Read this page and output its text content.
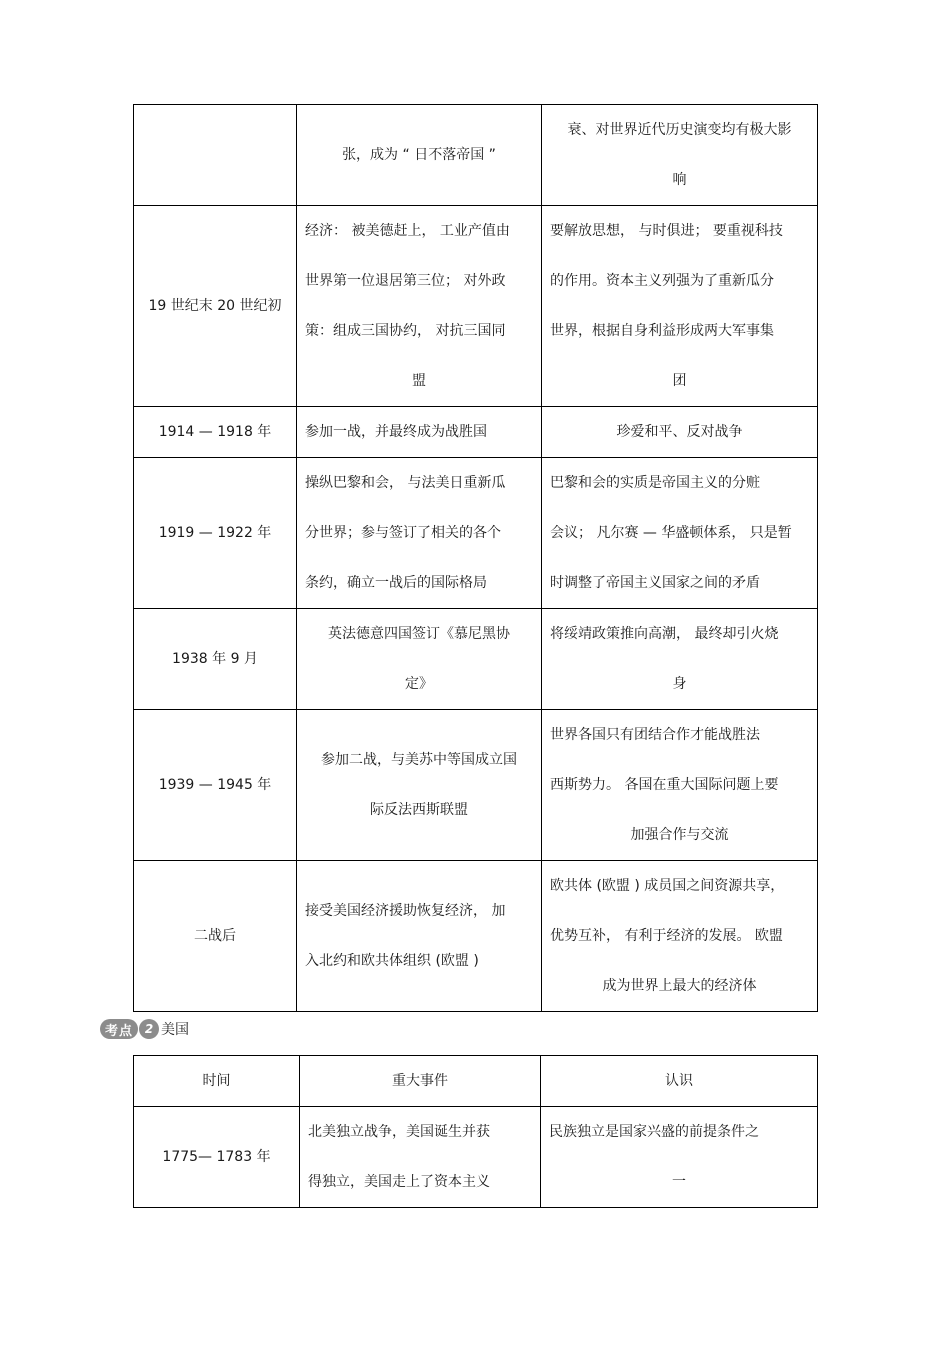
	张，成为 “ 日不落帝国 ”	衰、对世界近代历史演变均有极大影
响

19 世纪末 20 世纪初	经济： 被美德赶上， 工业产值由
世界第一位退居第三位； 对外政
策：组成三国协约， 对抗三国同
盟	要解放思想， 与时俱进； 要重视科技
的作用。资本主义列强为了重新瓜分
世界，根据自身利益形成两大军事集
团

1914 — 1918 年	参加一战，并最终成为战胜国	珍爱和平、反对战争

1919 — 1922 年	操纵巴黎和会， 与法美日重新瓜
分世界；参与签订了相关的各个
条约，确立一战后的国际格局	巴黎和会的实质是帝国主义的分赃
会议； 凡尔赛 — 华盛顿体系， 只是暂
时调整了帝国主义国家之间的矛盾

1938 年 9 月	英法德意四国签订《慕尼黑协
定》	将绥靖政策推向高潮， 最终却引火烧
身

1939 — 1945 年	参加二战，与美苏中等国成立国
际反法西斯联盟	世界各国只有团结合作才能战胜法
西斯势力。 各国在重大国际问题上要
加强合作与交流

二战后	接受美国经济援助恢复经济， 加
入北约和欧共体组织 (欧盟 )	欧共体 (欧盟 ) 成员国之间资源共享，
优势互补， 有利于经济的发展。 欧盟
成为世界上最大的经济体
考点 2 美国
时间	重大事件	认识

1775— 1783 年	北美独立战争，美国诞生并获
得独立，美国走上了资本主义	民族独立是国家兴盛的前提条件之
一
